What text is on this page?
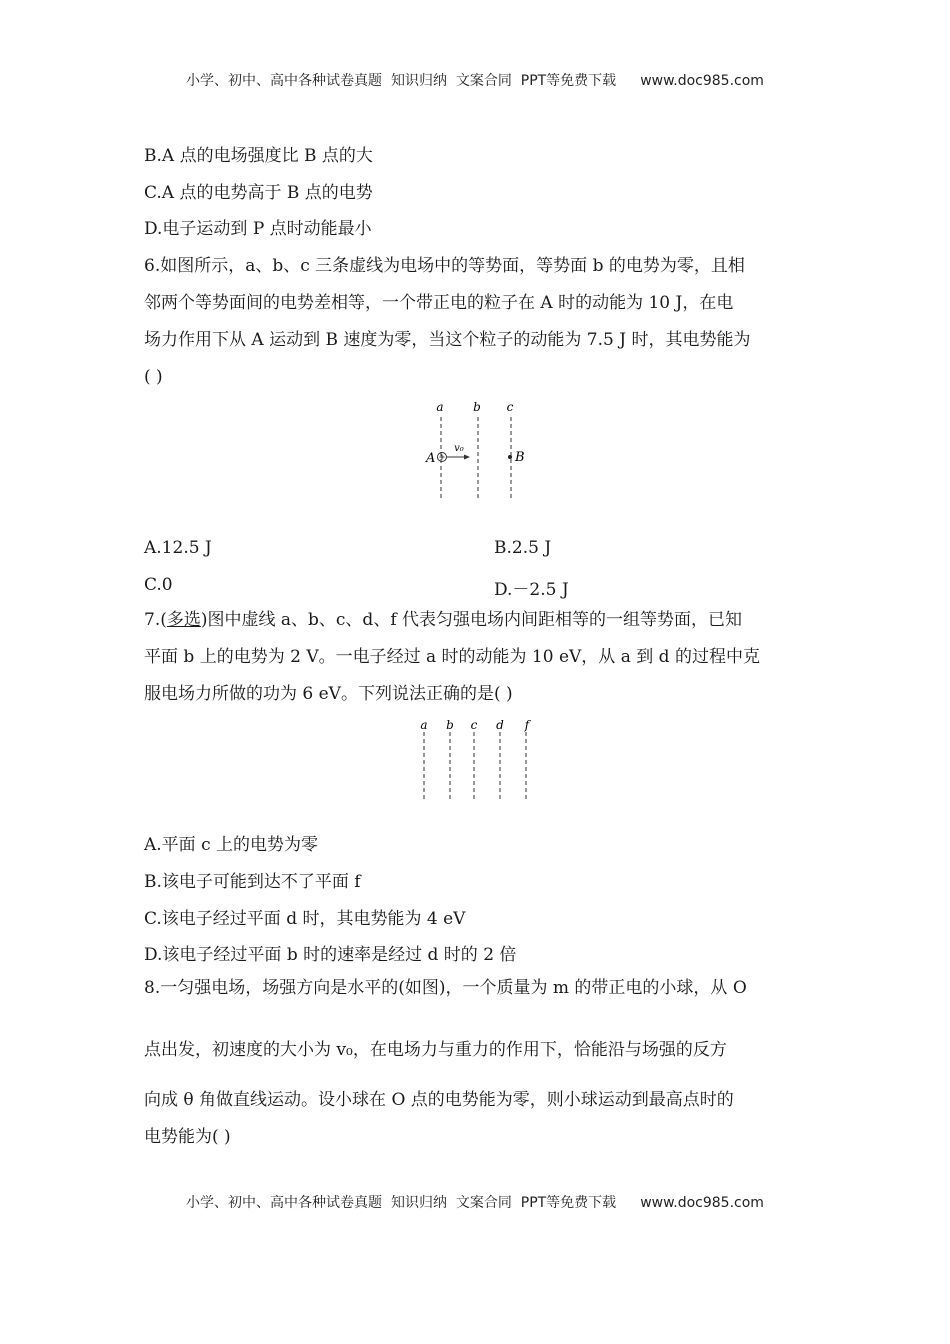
小学、初中、高中各种试卷真题  知识归纳  文案合同  PPT等免费下载 www.doc985.com
B.A 点的电场强度比 B 点的大
C.A 点的电势高于 B 点的电势
D.电子运动到 P 点时动能最小

6.如图所示，a、b、c 三条虚线为电场中的等势面，等势面 b 的电势为零，且相

邻两个等势面间的电势差相等，一个带正电的粒子在 A 时的动能为 10 J，在电

场力作用下从 A 运动到 B 速度为零，当这个粒子的动能为 7.5 J 时，其电势能为

( )

a b c
A
v₀
B
A.12.5 J	B.2.5 J
C.0	D.－2.5 J

7.(多选)图中虚线 a、b、c、d、f 代表匀强电场内间距相等的一组等势面，已知

平面 b 上的电势为 2 V。一电子经过 a 时的动能为 10 eV，从 a 到 d 的过程中克

服电场力所做的功为 6 eV。下列说法正确的是( )

a b c d f
A.平面 c 上的电势为零
B.该电子可能到达不了平面 f
C.该电子经过平面 d 时，其电势能为 4 eV
D.该电子经过平面 b 时的速率是经过 d 时的 2 倍
8.一匀强电场，场强方向是水平的(如图)，一个质量为 m 的带正电的小球，从 O
点出发，初速度的大小为 v₀，在电场力与重力的作用下，恰能沿与场强的反方
向成 θ 角做直线运动。设小球在 O 点的电势能为零，则小球运动到最高点时的
电势能为( )
小学、初中、高中各种试卷真题  知识归纳  文案合同  PPT等免费下载 www.doc985.com
